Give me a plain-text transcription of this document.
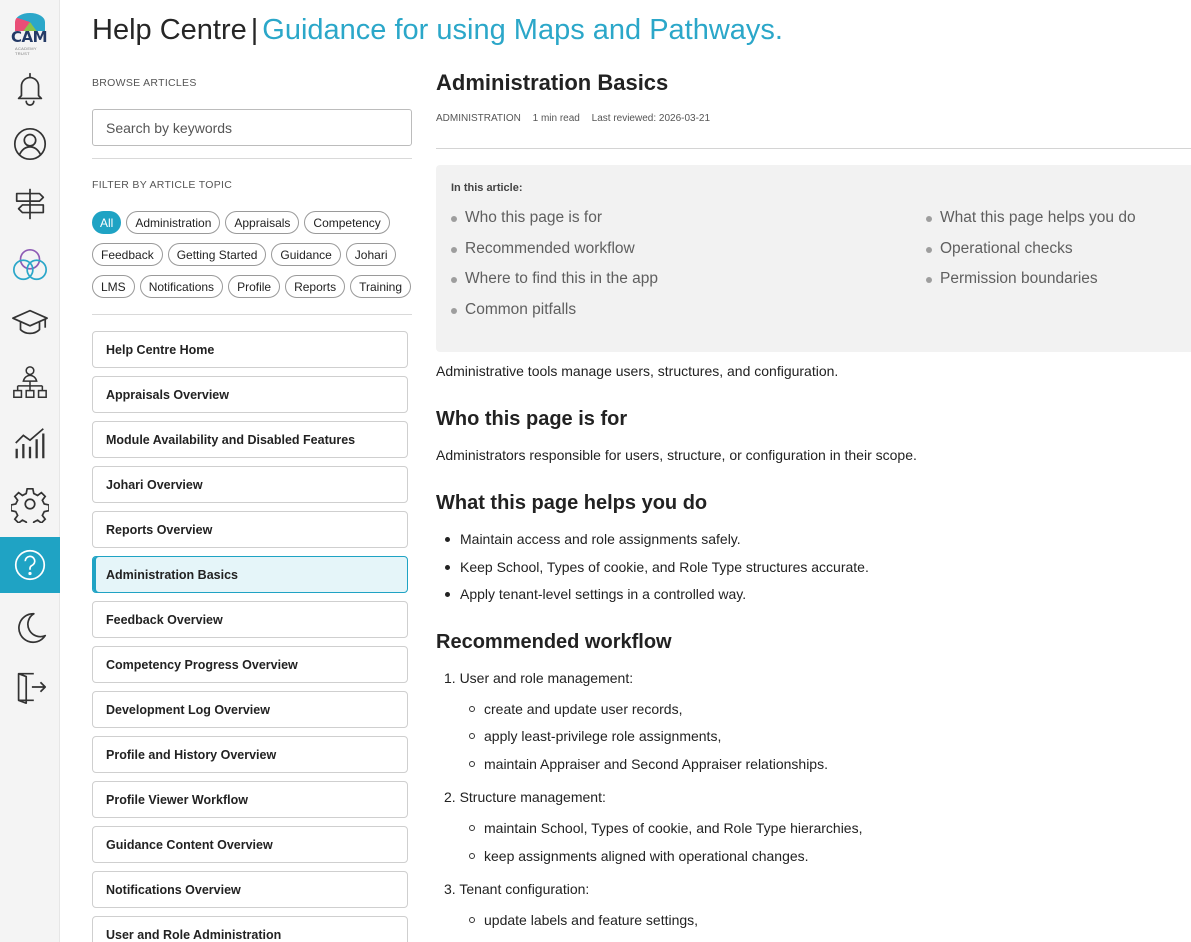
CAM
ACADEMY TRUST
Help Centre | Guidance for using Maps and Pathways.
BROWSE ARTICLES
Search by keywords
FILTER BY ARTICLE TOPIC
All	Administration	Appraisals	Competency
Feedback	Getting Started	Guidance	Johari
LMS	Notifications	Profile	Reports	Training
Help Centre Home
Appraisals Overview
Module Availability and Disabled Features
Johari Overview
Reports Overview
Administration Basics
Feedback Overview
Competency Progress Overview
Development Log Overview
Profile and History Overview
Profile Viewer Workflow
Guidance Content Overview
Notifications Overview
User and Role Administration
Administration Basics
ADMINISTRATION 1 min read Last reviewed: 2026-03-21
In this article:
Who this page is for
Recommended workflow
Where to find this in the app
Common pitfalls
What this page helps you do
Operational checks
Permission boundaries

Administrative tools manage users, structures, and configuration.

Who this page is for

Administrators responsible for users, structure, or configuration in their scope.

What this page helps you do
Maintain access and role assignments safely.
Keep School, Types of cookie, and Role Type structures accurate.
Apply tenant-level settings in a controlled way.
Recommended workflow
1. User and role management:
create and update user records,
apply least-privilege role assignments,
maintain Appraiser and Second Appraiser relationships.
2. Structure management:
maintain School, Types of cookie, and Role Type hierarchies,
keep assignments aligned with operational changes.
3. Tenant configuration:
update labels and feature settings,
